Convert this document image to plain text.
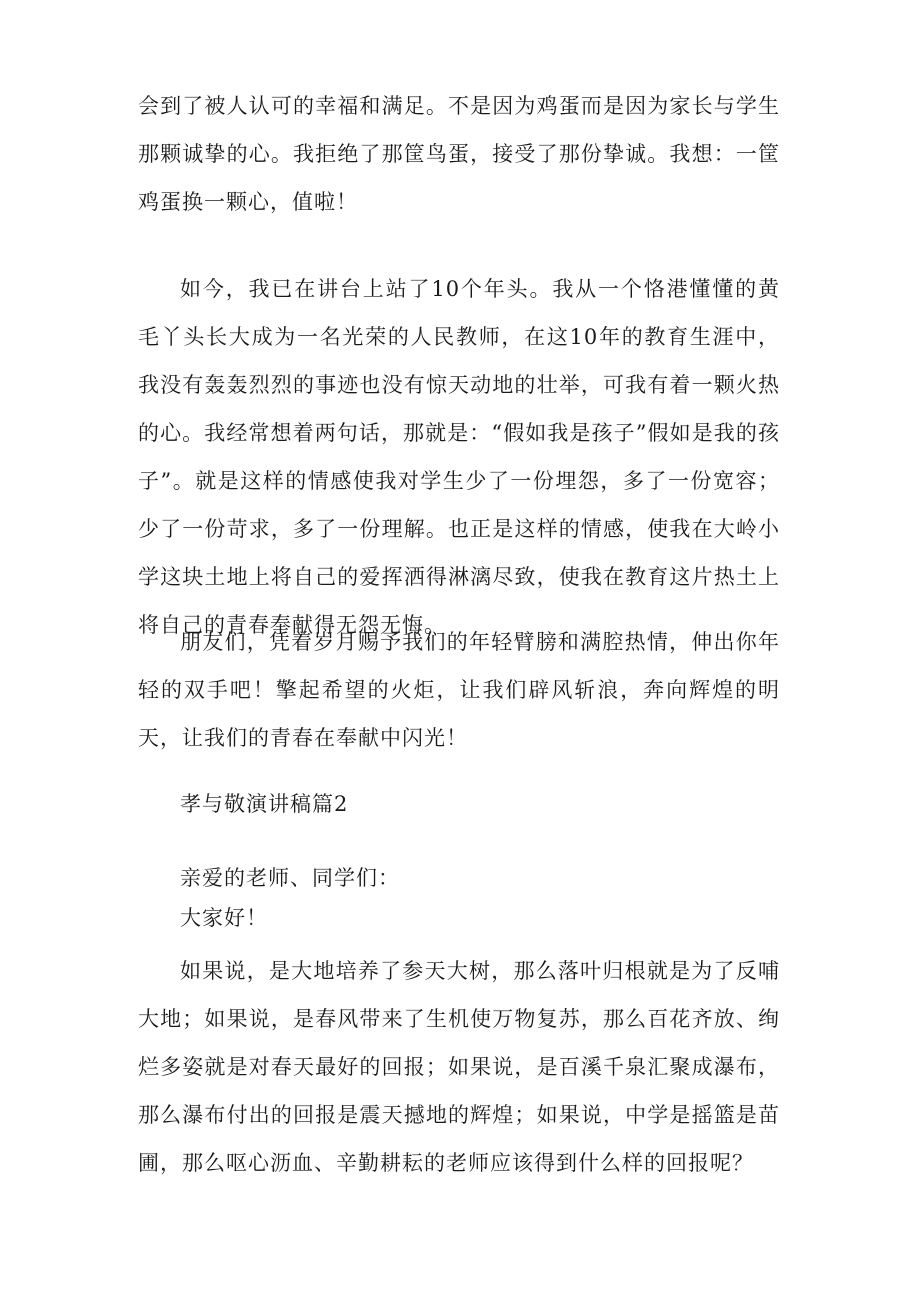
会到了被人认可的幸福和满足。不是因为鸡蛋而是因为家长与学生那颗诚挚的心。我拒绝了那筐鸟蛋，接受了那份挚诚。我想：一筐鸡蛋换一颗心，值啦！

如今，我已在讲台上站了10个年头。我从一个恪港懂懂的黄毛丫头长大成为一名光荣的人民教师，在这10年的教育生涯中，我没有轰轰烈烈的事迹也没有惊天动地的壮举，可我有着一颗火热的心。我经常想着两句话，那就是：“假如我是孩子”假如是我的孩子”。就是这样的情感使我对学生少了一份埋怨，多了一份宽容；少了一份苛求，多了一份理解。也正是这样的情感，使我在大岭小学这块土地上将自己的爱挥洒得淋漓尽致，使我在教育这片热土上将自己的青春奉献得无怨无悔。

朋友们，凭着岁月赐予我们的年轻臂膀和满腔热情，伸出你年轻的双手吧！擎起希望的火炬，让我们辟风斩浪，奔向辉煌的明天，让我们的青春在奉献中闪光！

孝与敬演讲稿篇2
亲爱的老师、同学们：
大家好！

如果说，是大地培养了参天大树，那么落叶归根就是为了反哺大地；如果说，是春风带来了生机使万物复苏，那么百花齐放、绚烂多姿就是对春天最好的回报；如果说，是百溪千泉汇聚成瀑布，那么瀑布付出的回报是震天撼地的辉煌；如果说，中学是摇篮是苗圃，那么呕心沥血、辛勤耕耘的老师应该得到什么样的回报呢？
